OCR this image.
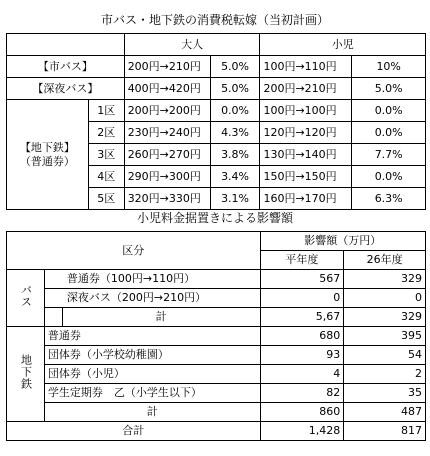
市バス・地下鉄の消費税転嫁（当初計画）
		大人		小児	
【市バス】		200円→210円	5.0%	100円→110円	10%
【深夜バス】		400円→420円	5.0%	200円→210円	5.0%

【地下鉄】
（普通券）	1区	200円→200円	0.0%	100円→100円	0.0%
	2区	230円→240円	4.3%	120円→120円	0.0%
	3区	260円→270円	3.8%	130円→140円	7.7%
	4区	290円→300円	3.4%	150円→150円	0.0%
	5区	320円→330円	3.1%	160円→170円	6.3%
小児料金据置きによる影響額
区分			影響額（万円）	
			平年度	26年度
バス	普通券（100円→110円）		567	329
	深夜バス（200円→210円）		0	0
		計	5,67	329
地下鉄	普通券		680	395
	団体券（小学校幼稚園）		93	54
	団体券（小児）		4	2
	学生定期券　乙（小学生以下）		82	35
	計		860	487
合計			1,428	817
